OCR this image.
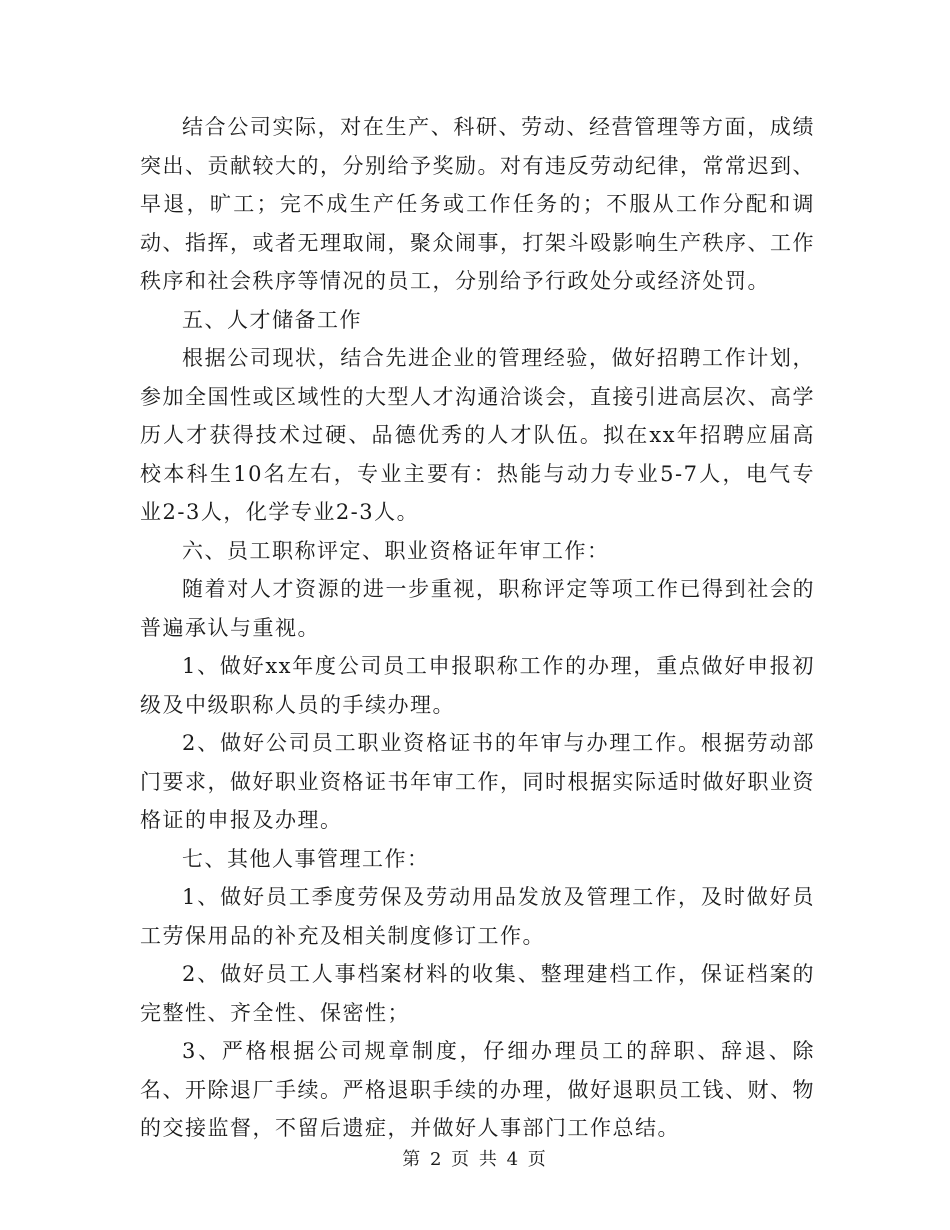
结合公司实际，对在生产、科研、劳动、经营管理等方面，成绩突出、贡献较大的，分别给予奖励。对有违反劳动纪律，常常迟到、早退，旷工；完不成生产任务或工作任务的；不服从工作分配和调动、指挥，或者无理取闹，聚众闹事，打架斗殴影响生产秩序、工作秩序和社会秩序等情况的员工，分别给予行政处分或经济处罚。

五、人才储备工作

根据公司现状，结合先进企业的管理经验，做好招聘工作计划，参加全国性或区域性的大型人才沟通洽谈会，直接引进高层次、高学历人才获得技术过硬、品德优秀的人才队伍。拟在xx年招聘应届高校本科生10名左右，专业主要有：热能与动力专业5-7人，电气专业2-3人，化学专业2-3人。

六、员工职称评定、职业资格证年审工作：

随着对人才资源的进一步重视，职称评定等项工作已得到社会的普遍承认与重视。

1、做好xx年度公司员工申报职称工作的办理，重点做好申报初级及中级职称人员的手续办理。

2、做好公司员工职业资格证书的年审与办理工作。根据劳动部门要求，做好职业资格证书年审工作，同时根据实际适时做好职业资格证的申报及办理。

七、其他人事管理工作：

1、做好员工季度劳保及劳动用品发放及管理工作，及时做好员工劳保用品的补充及相关制度修订工作。

2、做好员工人事档案材料的收集、整理建档工作，保证档案的完整性、齐全性、保密性；

3、严格根据公司规章制度，仔细办理员工的辞职、辞退、除名、开除退厂手续。严格退职手续的办理，做好退职员工钱、财、物的交接监督，不留后遗症，并做好人事部门工作总结。

第 2 页 共 4 页
